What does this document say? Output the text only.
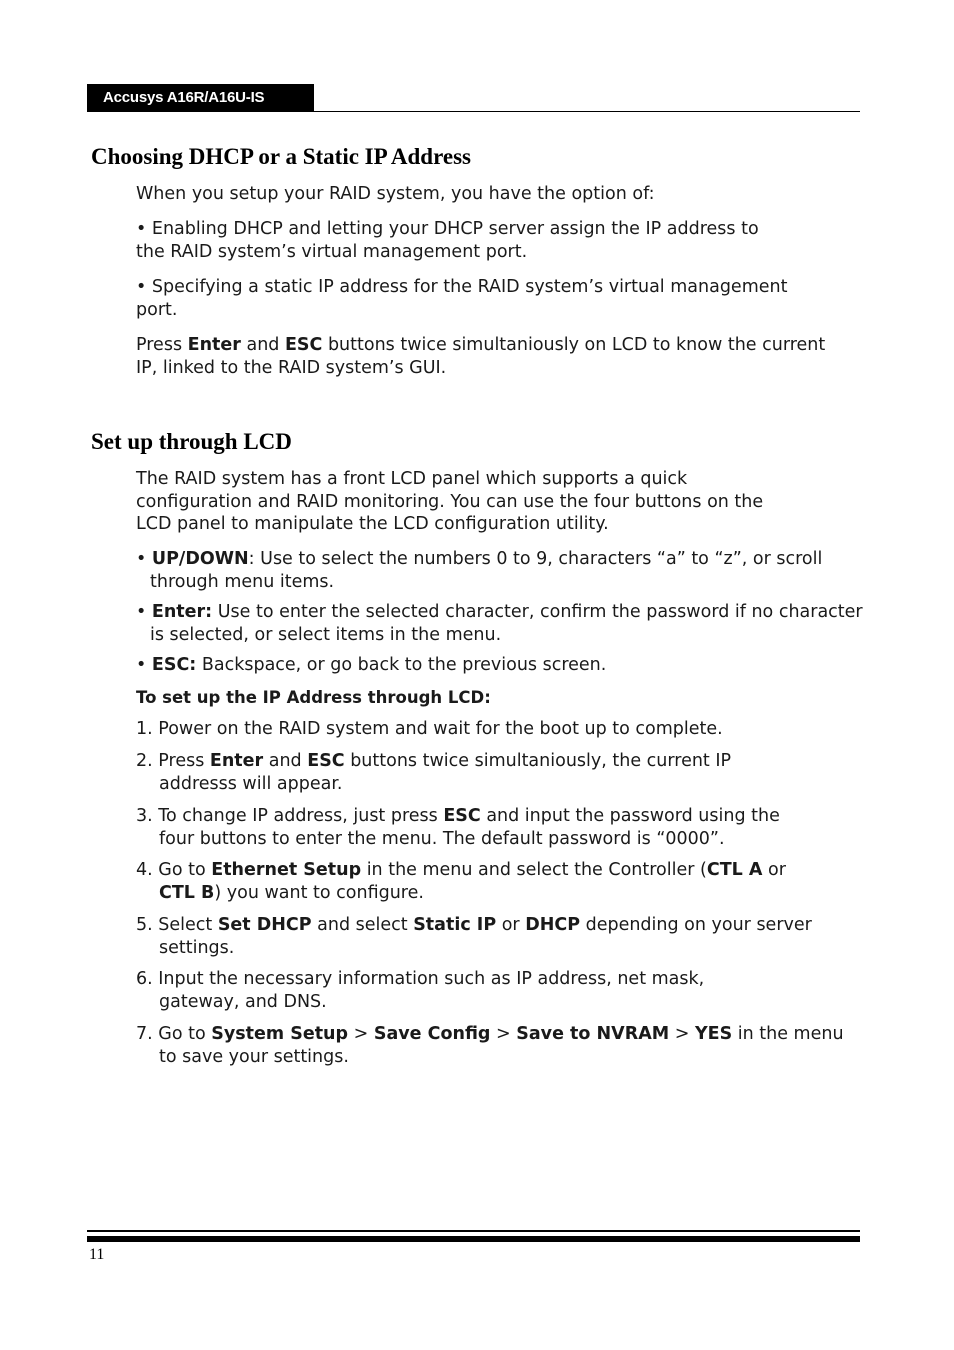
Accusys A16R/A16U-IS
Choosing DHCP or a Static IP Address

When you setup your RAID system, you have the option of:

• Enabling DHCP and letting your DHCP server assign the IP address to
the RAID system’s virtual management port.
• Specifying a static IP address for the RAID system’s virtual management
port.
Press Enter and ESC buttons twice simultaniously on LCD to know the current
IP, linked to the RAID system’s GUI.
Set up through LCD
The RAID system has a front LCD panel which supports a quick
configuration and RAID monitoring. You can use the four buttons on the
LCD panel to manipulate the LCD configuration utility.
• UP/DOWN: Use to select the numbers 0 to 9, characters “a” to “z”, or scroll
through menu items.
• Enter: Use to enter the selected character, confirm the password if no character
is selected, or select items in the menu.
• ESC: Backspace, or go back to the previous screen.
To set up the IP Address through LCD:
1. Power on the RAID system and wait for the boot up to complete.
2. Press Enter and ESC buttons twice simultaniously, the current IP
addresss will appear.
3. To change IP address, just press ESC and input the password using the
four buttons to enter the menu. The default password is “0000”.
4. Go to Ethernet Setup in the menu and select the Controller (CTL A or
CTL B) you want to configure.
5. Select Set DHCP and select Static IP or DHCP depending on your server
settings.
6. Input the necessary information such as IP address, net mask,
gateway, and DNS.
7. Go to System Setup > Save Config > Save to NVRAM > YES in the menu
to save your settings.
11
